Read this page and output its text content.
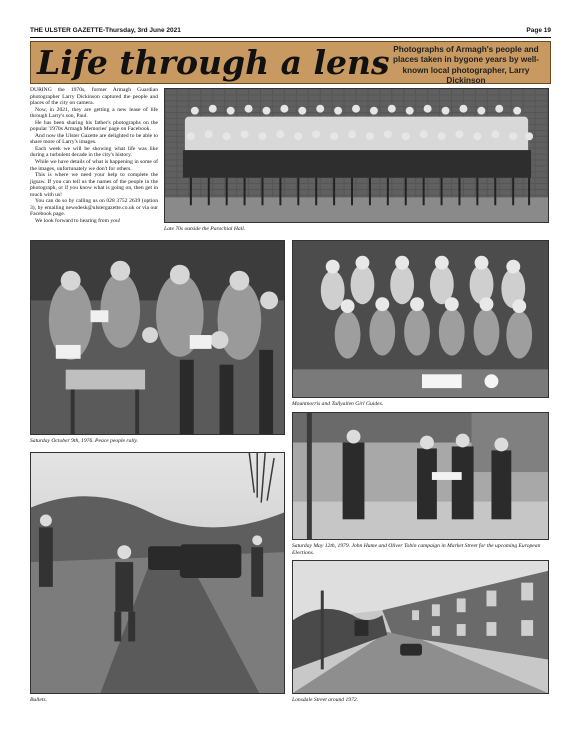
THE ULSTER GAZETTE-Thursday, 3rd June 2021	Page 19
Life through a lens Photographs of Armagh's people and places taken in bygone years by well-known local photographer, Larry Dickinson

DURING the 1970s, former Armagh Guardian photographer Larry Dickinson captured the people and places of the city on camera.

Now, in 2021, they are getting a new lease of life through Larry's son, Paul.

He has been sharing his father's photographs on the popular '1970s Armagh Memories' page on Facebook.

And now the Ulster Gazette are delighted to be able to share more of Larry's images.

Each week we will be showing what life was like during a turbulent decade in the city's history.

While we have details of what is happening in some of the images, unfortunately we don't for others.

This is where we need your help to complete the jigsaw. If you can tell us the names of the people in the photograph, or if you know what is going on, then get in touch with us!

You can do so by calling us on 028 3752 2639 (option 3), by emailing newsdesk@ulstergazette.co.uk or via our Facebook page.

We look forward to hearing from you!

Late 70s outside the Parochial Hall.
Saturday October 9th, 1976. Peace people rally.
Mountnorris and Tullyallen Girl Guides.
Saturday May 12th, 1979. John Hume and Oliver Tobin campaign in Market Street for the upcoming European Elections.
Bullets.	Lonsdale Street around 1972.
